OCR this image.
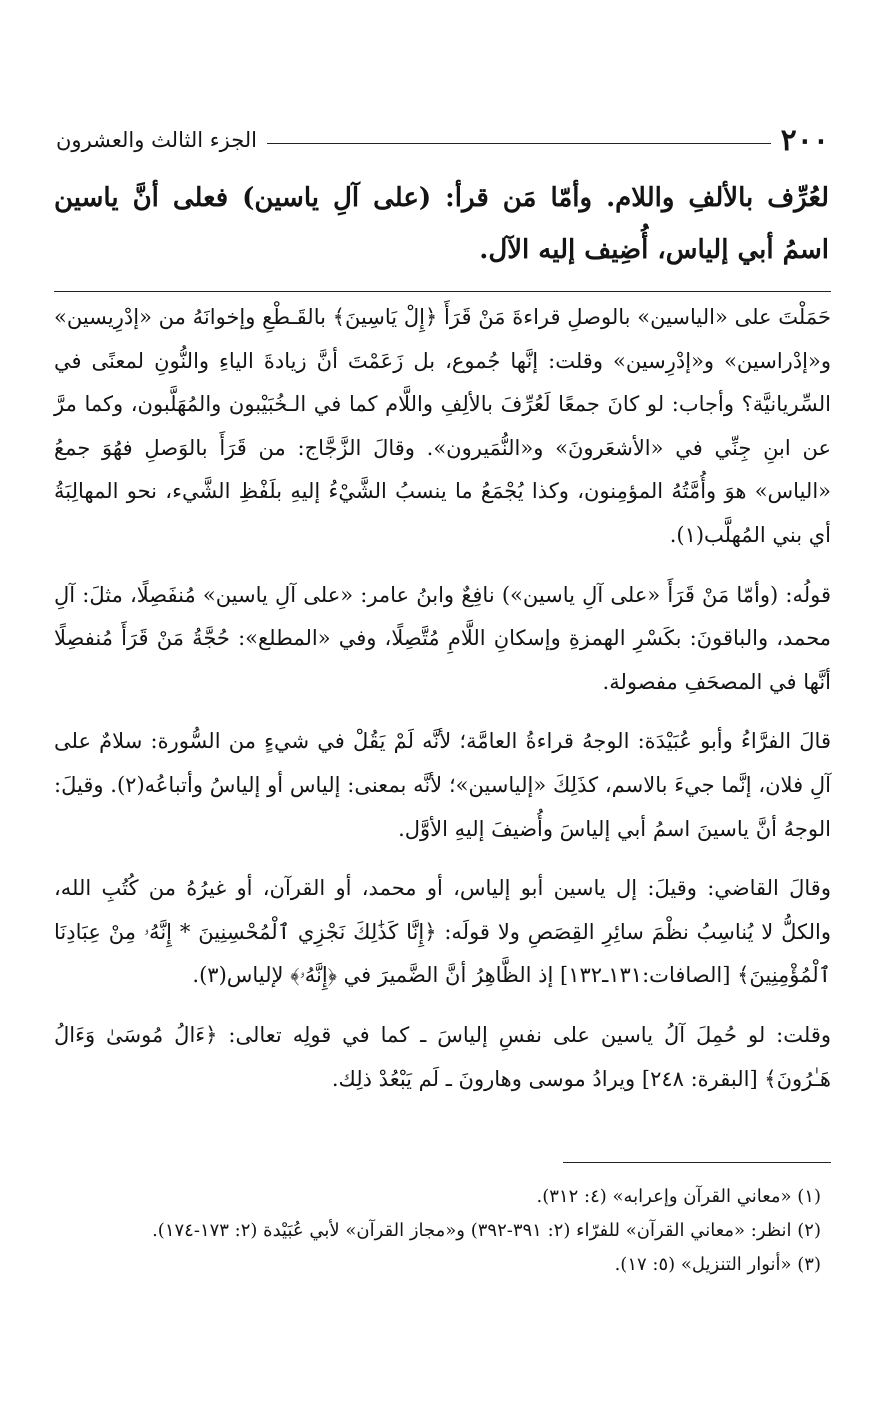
٢٠٠
الجزء الثالث والعشرون
لعُرِّف بالألفِ واللام. وأمّا مَن قرأ: (على آلِ ياسين) فعلى أنَّ ياسين اسمُ أبي إلياس، أُضِيف إليه الآل.

حَمَلْتَ على «الياسين» بالوصلِ قراءةَ مَنْ قَرَأَ ﴿إِلْ يَاسِينَ﴾ بالقَـطْعِ وإخوانَهُ من «إدْرِيسين» و«إدْراسين» و«إدْرِسين» وقلت: إنَّها جُموع، بل زَعَمْتَ أنَّ زيادةَ الياءِ والنُّونِ لمعنًى في السِّريانيَّة؟ وأجاب: لو كانَ جمعًا لَعُرِّفَ بالألِفِ واللَّام كما في الـخُبَيْبون والمُهَلَّبون، وكما مرَّ عن ابنِ جِنِّي في «الأشعَرونَ» و«النُّمَيرون». وقالَ الزَّجَّاج: من قَرَأَ بالوَصلِ فهُوَ جمعُ «الياس» هوَ وأُمَّتُهُ المؤمِنون، وكذا يُجْمَعُ ما ينسبُ الشَّيْءُ إليهِ بلَفْظِ الشَّيء، نحو المهالِبَةُ أي بني المُهلَّب(١).

قولُه: (وأمّا مَنْ قَرَأَ «على آلِ ياسين») نافِعٌ وابنُ عامر: «على آلِ ياسين» مُنفَصِلًا، مثلَ: آلِ محمد، والباقونَ: بكَسْرِ الهمزةِ وإسكانِ اللَّامِ مُتَّصِلًا، وفي «المطلع»: حُجَّةُ مَنْ قَرَأَ مُنفصِلًا أنَّها في المصحَفِ مفصولة.

قالَ الفرَّاءُ وأبو عُبَيْدَة: الوجهُ قراءةُ العامَّة؛ لأنَّه لَمْ يَقُلْ في شيءٍ من السُّورة: سلامٌ على آلِ فلان، إنَّما جيءَ بالاسم، كذَلِكَ «إلياسين»؛ لأنَّه بمعنى: إلياس أو إلياسُ وأتباعُه(٢). وقيلَ: الوجهُ أنَّ ياسينَ اسمُ أبي إلياسَ وأُضيفَ إليهِ الأوَّل.

وقالَ القاضي: وقيلَ: إل ياسين أبو إلياس، أو محمد، أو القرآن، أو غيرُهُ من كُتُبِ الله، والكلُّ لا يُناسِبُ نظْمَ سائِرِ القِصَصِ ولا قولَه: ﴿إِنَّا كَذَٰلِكَ نَجْزِي ٱلْمُحْسِنِينَ * إِنَّهُۥ مِنْ عِبَادِنَا ٱلْمُؤْمِنِينَ﴾ [الصافات:١٣١ـ١٣٢] إذ الظَّاهِرُ أنَّ الضَّميرَ في ﴿إِنَّهُۥ﴾ لإلياس(٣).

وقلت: لو حُمِلَ آلُ ياسين على نفسِ إلياسَ ـ كما في قولِه تعالى: ﴿ءَالُ مُوسَىٰ وَءَالُ هَـٰرُونَ﴾ [البقرة: ٢٤٨] ويرادُ موسى وهارونَ ـ لَم يَبْعُدْ ذلِك.

(١) «معاني القرآن وإعرابه» (٤: ٣١٢).

(٢) انظر: «معاني القرآن» للفرّاء (٢: ٣٩١-٣٩٢) و«مجاز القرآن» لأبي عُبَيْدة (٢: ١٧٣-١٧٤).

(٣) «أنوار التنزيل» (٥: ١٧).
